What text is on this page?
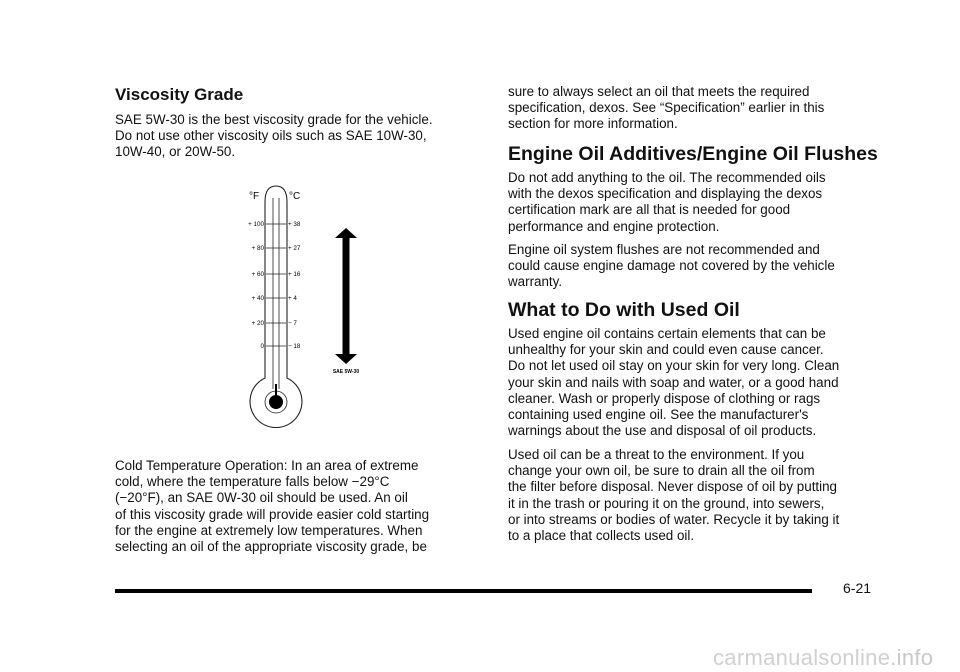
Viscosity Grade
SAE 5W-30 is the best viscosity grade for the vehicle.
Do not use other viscosity oils such as SAE 10W-30,
10W-40, or 20W-50.
SAE 5W-30
°F	°C
+ 100
+ 80
+ 60
+ 40
+ 20
0
+ 38
+ 27
+ 16
+ 4
− 7
− 18
Cold Temperature Operation: In an area of extreme
cold, where the temperature falls below −29°C
(−20°F), an SAE 0W-30 oil should be used. An oil
of this viscosity grade will provide easier cold starting
for the engine at extremely low temperatures. When
selecting an oil of the appropriate viscosity grade, be
sure to always select an oil that meets the required
specification, dexos. See “Specification” earlier in this
section for more information.
Engine Oil Additives/Engine Oil Flushes
Do not add anything to the oil. The recommended oils
with the dexos specification and displaying the dexos
certification mark are all that is needed for good
performance and engine protection.
Engine oil system flushes are not recommended and
could cause engine damage not covered by the vehicle
warranty.
What to Do with Used Oil
Used engine oil contains certain elements that can be
unhealthy for your skin and could even cause cancer.
Do not let used oil stay on your skin for very long. Clean
your skin and nails with soap and water, or a good hand
cleaner. Wash or properly dispose of clothing or rags
containing used engine oil. See the manufacturer's
warnings about the use and disposal of oil products.
Used oil can be a threat to the environment. If you
change your own oil, be sure to drain all the oil from
the filter before disposal. Never dispose of oil by putting
it in the trash or pouring it on the ground, into sewers,
or into streams or bodies of water. Recycle it by taking it
to a place that collects used oil.
6-21
carmanualsonline.info
